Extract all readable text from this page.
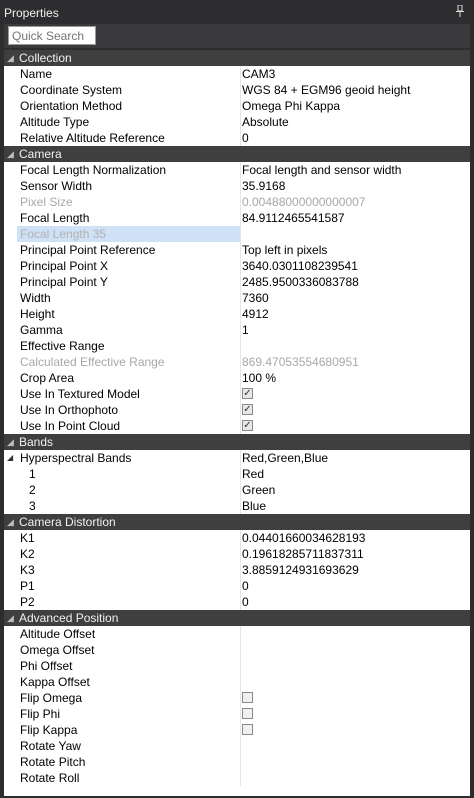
Properties
Quick Search
◢ Collection
Name	CAM3
Coordinate System	WGS 84 + EGM96 geoid height
Orientation Method	Omega Phi Kappa
Altitude Type	Absolute
Relative Altitude Reference	0
◢ Camera
Focal Length Normalization	Focal length and sensor width
Sensor Width	35.9168
Pixel Size	0.00488000000000007
Focal Length	84.9112465541587
Focal Length 35
Principal Point Reference	Top left in pixels
Principal Point X	3640.0301108239541
Principal Point Y	2485.9500336083788
Width	7360
Height	4912
Gamma	1
Effective Range
Calculated Effective Range	869.47053554680951
Crop Area	100 %
Use In Textured Model	✓
Use In Orthophoto	✓
Use In Point Cloud	✓
◢ Bands
◢ Hyperspectral Bands	Red,Green,Blue
1	Red
2	Green
3	Blue
◢ Camera Distortion
K1	0.04401660034628193
K2	0.19618285711837311
K3	3.8859124931693629
P1	0
P2	0
◢ Advanced Position
Altitude Offset
Omega Offset
Phi Offset
Kappa Offset
Flip Omega
Flip Phi
Flip Kappa
Rotate Yaw
Rotate Pitch
Rotate Roll
